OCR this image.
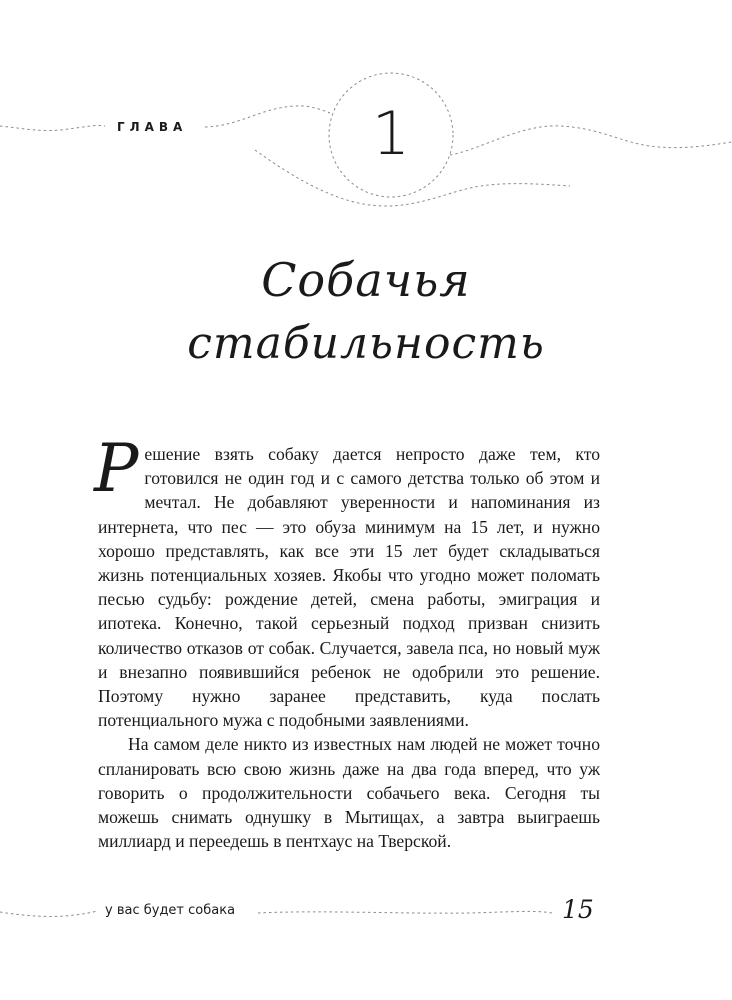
ГЛАВА	1
Собачья
стабильность

Решение взять собаку дается непросто даже тем, кто готовился не один год и с самого детства только об этом и мечтал. Не добавляют уверенности и напоминания из интернета, что пес — это обуза минимум на 15 лет, и нужно хорошо представлять, как все эти 15 лет будет складываться жизнь потенциальных хозяев. Якобы что угодно может поломать песью судьбу: рождение детей, смена работы, эмиграция и ипотека. Конечно, такой серьезный подход призван снизить количество отказов от собак. Случается, завела пса, но новый муж и внезапно появившийся ребенок не одобрили это решение. Поэтому нужно заранее представить, куда послать потенциального мужа с подобными заявлениями.

На самом деле никто из известных нам людей не может точно спланировать всю свою жизнь даже на два года вперед, что уж говорить о продолжительности собачьего века. Сегодня ты можешь снимать однушку в Мытищах, а завтра выиграешь миллиард и переедешь в пентхаус на Тверской.

у вас будет собака	15
